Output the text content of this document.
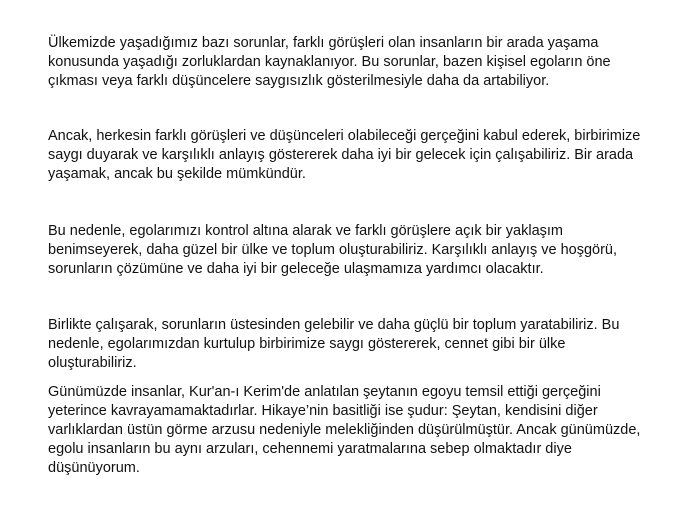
Ülkemizde yaşadığımız bazı sorunlar, farklı görüşleri olan insanların bir arada yaşama
konusunda yaşadığı zorluklardan kaynaklanıyor. Bu sorunlar, bazen kişisel egoların öne
çıkması veya farklı düşüncelere saygısızlık gösterilmesiyle daha da artabiliyor.

Ancak, herkesin farklı görüşleri ve düşünceleri olabileceği gerçeğini kabul ederek, birbirimize
saygı duyarak ve karşılıklı anlayış göstererek daha iyi bir gelecek için çalışabiliriz. Bir arada
yaşamak, ancak bu şekilde mümkündür.

Bu nedenle, egolarımızı kontrol altına alarak ve farklı görüşlere açık bir yaklaşım
benimseyerek, daha güzel bir ülke ve toplum oluşturabiliriz. Karşılıklı anlayış ve hoşgörü,
sorunların çözümüne ve daha iyi bir geleceğe ulaşmamıza yardımcı olacaktır.

Birlikte çalışarak, sorunların üstesinden gelebilir ve daha güçlü bir toplum yaratabiliriz. Bu
nedenle, egolarımızdan kurtulup birbirimize saygı göstererek, cennet gibi bir ülke
oluşturabiliriz.

Günümüzde insanlar, Kur'an-ı Kerim'de anlatılan şeytanın egoyu temsil ettiği gerçeğini
yeterince kavrayamamaktadırlar. Hikaye’nin basitliği ise şudur: Şeytan, kendisini diğer
varlıklardan üstün görme arzusu nedeniyle melekliğinden düşürülmüştür. Ancak günümüzde,
egolu insanların bu aynı arzuları, cehennemi yaratmalarına sebep olmaktadır diye
düşünüyorum.
